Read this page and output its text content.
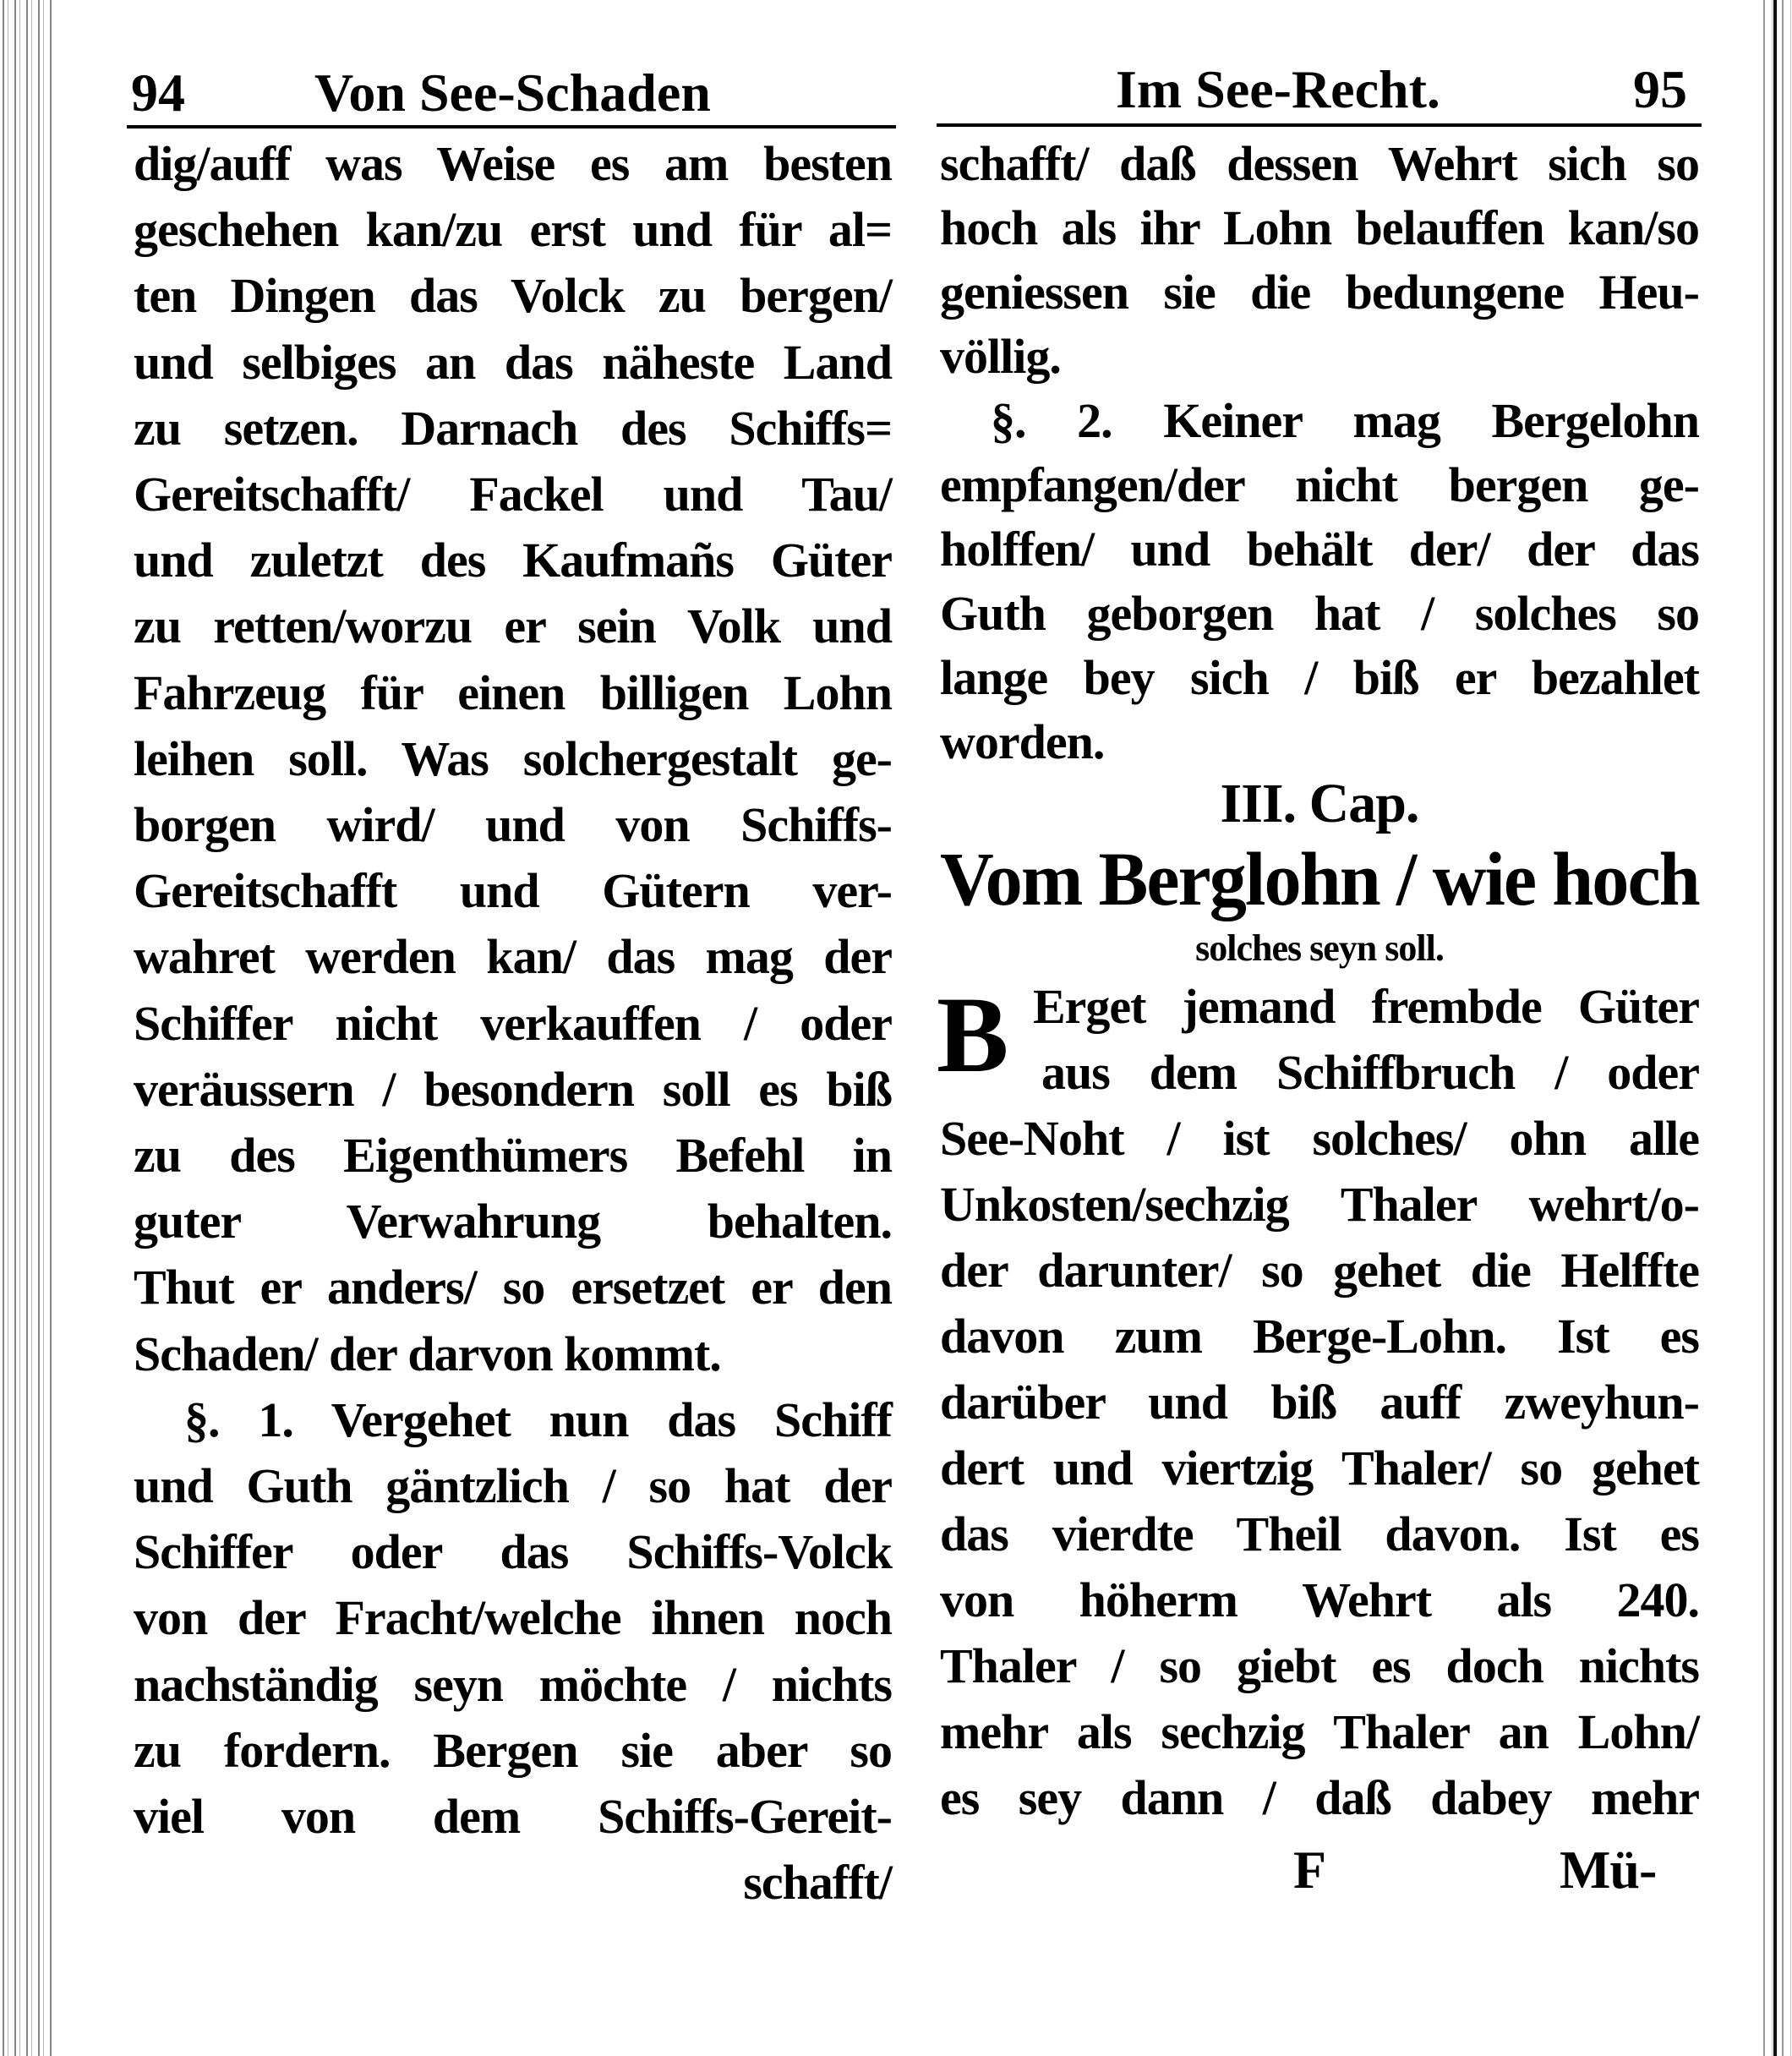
94 Von See-Schaden	Im See-Recht.	95
dig/auff was Weise es am besten
geschehen kan/zu erst und für al=
ten Dingen das Volck zu bergen/
und selbiges an das näheste Land
zu setzen. Darnach des Schiffs=
Gereitschafft/ Fackel und Tau/
und zuletzt des Kaufmañs Güter
zu retten/worzu er sein Volk und
Fahrzeug für einen billigen Lohn
leihen soll. Was solchergestalt ge-
borgen wird/ und von Schiffs-
Gereitschafft und Gütern ver-
wahret werden kan/ das mag der
Schiffer nicht verkauffen / oder
veräussern / besondern soll es biß
zu des Eigenthümers Befehl in
guter Verwahrung behalten.
Thut er anders/ so ersetzet er den
Schaden/ der darvon kommt.
§. 1. Vergehet nun das Schiff
und Guth gäntzlich / so hat der
Schiffer oder das Schiffs-Volck
von der Fracht/welche ihnen noch
nachständig seyn möchte / nichts
zu fordern. Bergen sie aber so
viel von dem Schiffs-Gereit-
schafft/
schafft/ daß dessen Wehrt sich so
hoch als ihr Lohn belauffen kan/so
geniessen sie die bedungene Heu-
völlig.
§. 2. Keiner mag Bergelohn
empfangen/der nicht bergen ge-
holffen/ und behält der/ der das
Guth geborgen hat / solches so
lange bey sich / biß er bezahlet
worden.
Erget jemand frembde Güter
aus dem Schiffbruch / oder
See-Noht / ist solches/ ohn alle
Unkosten/sechzig Thaler wehrt/o-
der darunter/ so gehet die Helffte
davon zum Berge-Lohn. Ist es
darüber und biß auff zweyhun-
dert und viertzig Thaler/ so gehet
das vierdte Theil davon. Ist es
von höherm Wehrt als 240.
Thaler / so giebt es doch nichts
mehr als sechzig Thaler an Lohn/
es sey dann / daß dabey mehr
III. Cap.
Vom Berglohn / wie hoch
solches seyn soll.
B
F	Mü-
